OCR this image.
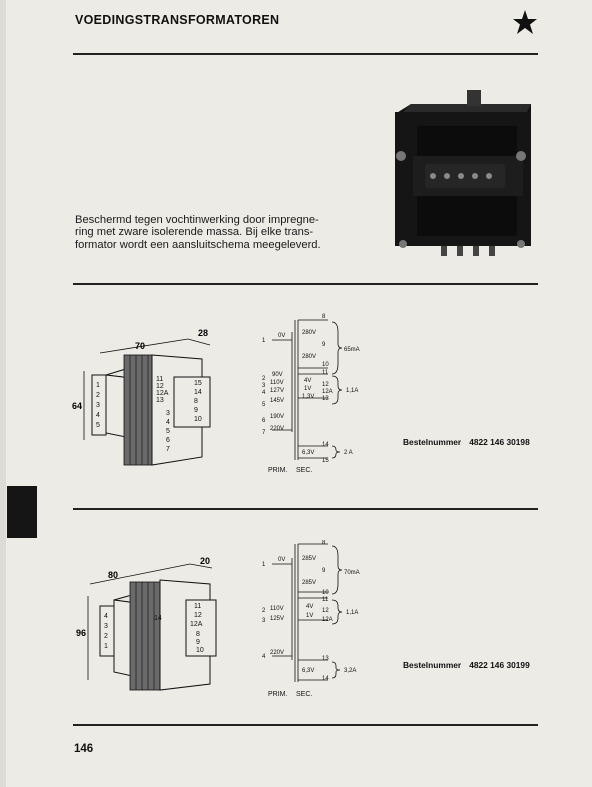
VOEDINGSTRANSFORMATOREN
Beschermd tegen vochtinwerking door impregne-
ring met zware isolerende massa. Bij elke trans-
formator wordt een aansluitschema meegeleverd.
70
28
64
1
2
3
4
5
11
12
12A
13
15
14
8
9
10
3
4
5
6
7
1
2
3
4
5
6
7
0V
90V
110V
127V
145V
190V
220V
8
9
10
11
12
12A
13
14
15
280V
280V
4V
1V
1,3V
6,3V
65mA
1,1A
2 A
PRIM. SEC.
Bestelnummer 4822 146 30198
80
20
96
4
3
2
1
14
11
12
12A
8
9
10
1
2
3
4
0V
110V
125V
220V
8
9
10
11
12
12A
13
14
285V
285V
4V
1V
6,3V
70mA
1,1A
3,2A
PRIM. SEC.
Bestelnummer 4822 146 30199
146
